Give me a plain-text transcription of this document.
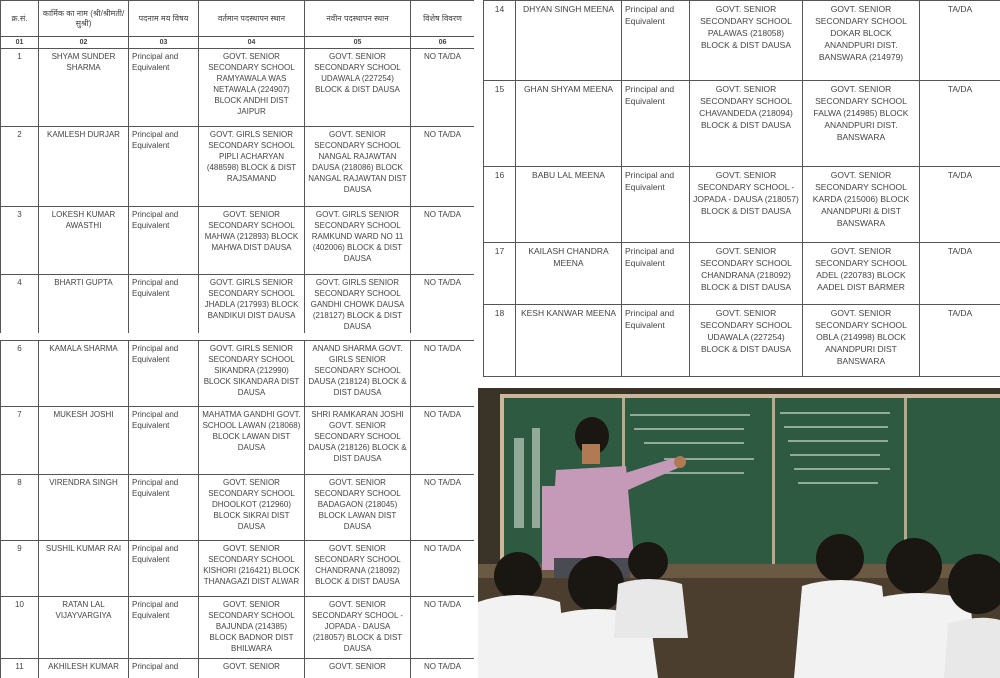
क्र.सं.	कार्मिक का नाम (श्री/श्रीमती/सुश्री)	पदनाम मय विषय	वर्तमान पदस्थापन स्थान	नवीन पदस्थापन स्थान	विशेष विवरण
01	02	03	04	05	06
1	SHYAM SUNDER SHARMA	Principal and Equivalent	GOVT. SENIOR SECONDARY SCHOOL RAMYAWALA WAS NETAWALA (224907) BLOCK ANDHI DIST JAIPUR	GOVT. SENIOR SECONDARY SCHOOL UDAWALA (227254) BLOCK & DIST DAUSA	NO TA/DA
2	KAMLESH DURJAR	Principal and Equivalent	GOVT. GIRLS SENIOR SECONDARY SCHOOL PIPLI ACHARYAN (488598) BLOCK & DIST RAJSAMAND	GOVT. SENIOR SECONDARY SCHOOL NANGAL RAJAWTAN DAUSA (218086) BLOCK NANGAL RAJAWTAN DIST DAUSA	NO TA/DA
3	LOKESH KUMAR AWASTHI	Principal and Equivalent	GOVT. SENIOR SECONDARY SCHOOL MAHWA (212893) BLOCK MAHWA DIST DAUSA	GOVT. GIRLS SENIOR SECONDARY SCHOOL RAMKUND WARD NO 11 (402006) BLOCK & DIST DAUSA	NO TA/DA
4	BHARTI GUPTA	Principal and Equivalent	GOVT. GIRLS SENIOR SECONDARY SCHOOL JHADLA (217993) BLOCK BANDIKUI DIST DAUSA	GOVT. GIRLS SENIOR SECONDARY SCHOOL GANDHI CHOWK DAUSA (218127) BLOCK & DIST DAUSA	NO TA/DA
14	DHYAN SINGH MEENA	Principal and Equivalent	GOVT. SENIOR SECONDARY SCHOOL PALAWAS (218058) BLOCK & DIST DAUSA	GOVT. SENIOR SECONDARY SCHOOL DOKAR BLOCK ANANDPURI DIST. BANSWARA (214979)	TA/DA
15	GHAN SHYAM MEENA	Principal and Equivalent	GOVT. SENIOR SECONDARY SCHOOL CHAVANDEDA (218094) BLOCK & DIST DAUSA	GOVT. SENIOR SECONDARY SCHOOL FALWA (214985) BLOCK ANANDPURI DIST. BANSWARA	TA/DA
16	BABU LAL MEENA	Principal and Equivalent	GOVT. SENIOR SECONDARY SCHOOL - JOPADA - DAUSA (218057) BLOCK & DIST DAUSA	GOVT. SENIOR SECONDARY SCHOOL KARDA (215006) BLOCK ANANDPURI & DIST BANSWARA	TA/DA
17	KAILASH CHANDRA MEENA	Principal and Equivalent	GOVT. SENIOR SECONDARY SCHOOL CHANDRANA (218092) BLOCK & DIST DAUSA	GOVT. SENIOR SECONDARY SCHOOL ADEL (220783) BLOCK AADEL DIST BARMER	TA/DA
18	KESH KANWAR MEENA	Principal and Equivalent	GOVT. SENIOR SECONDARY SCHOOL UDAWALA (227254) BLOCK & DIST DAUSA	GOVT. SENIOR SECONDARY SCHOOL OBLA (214998) BLOCK ANANDPURI DIST BANSWARA	TA/DA
6	KAMALA SHARMA	Principal and Equivalent	GOVT. GIRLS SENIOR SECONDARY SCHOOL SIKANDRA (212990) BLOCK SIKANDARA DIST DAUSA	ANAND SHARMA GOVT. GIRLS SENIOR SECONDARY SCHOOL DAUSA (218124) BLOCK & DIST DAUSA	NO TA/DA
7	MUKESH JOSHI	Principal and Equivalent	MAHATMA GANDHI GOVT. SCHOOL LAWAN (218068) BLOCK LAWAN DIST DAUSA	SHRI RAMKARAN JOSHI GOVT. SENIOR SECONDARY SCHOOL DAUSA (218126) BLOCK & DIST DAUSA	NO TA/DA
8	VIRENDRA SINGH	Principal and Equivalent	GOVT. SENIOR SECONDARY SCHOOL DHOOLKOT (212960) BLOCK SIKRAI DIST DAUSA	GOVT. SENIOR SECONDARY SCHOOL BADAGAON (218045) BLOCK LAWAN DIST DAUSA	NO TA/DA
9	SUSHIL KUMAR RAI	Principal and Equivalent	GOVT. SENIOR SECONDARY SCHOOL KISHORI (216421) BLOCK THANAGAZI DIST ALWAR	GOVT. SENIOR SECONDARY SCHOOL CHANDRANA (218092) BLOCK & DIST DAUSA	NO TA/DA
10	RATAN LAL VIJAYVARGIYA	Principal and Equivalent	GOVT. SENIOR SECONDARY SCHOOL BAJUNDA (214385) BLOCK BADNOR DIST BHILWARA	GOVT. SENIOR SECONDARY SCHOOL - JOPADA - DAUSA (218057) BLOCK & DIST DAUSA	NO TA/DA
11	AKHILESH KUMAR	Principal and	GOVT. SENIOR	GOVT. SENIOR	NO TA/DA
